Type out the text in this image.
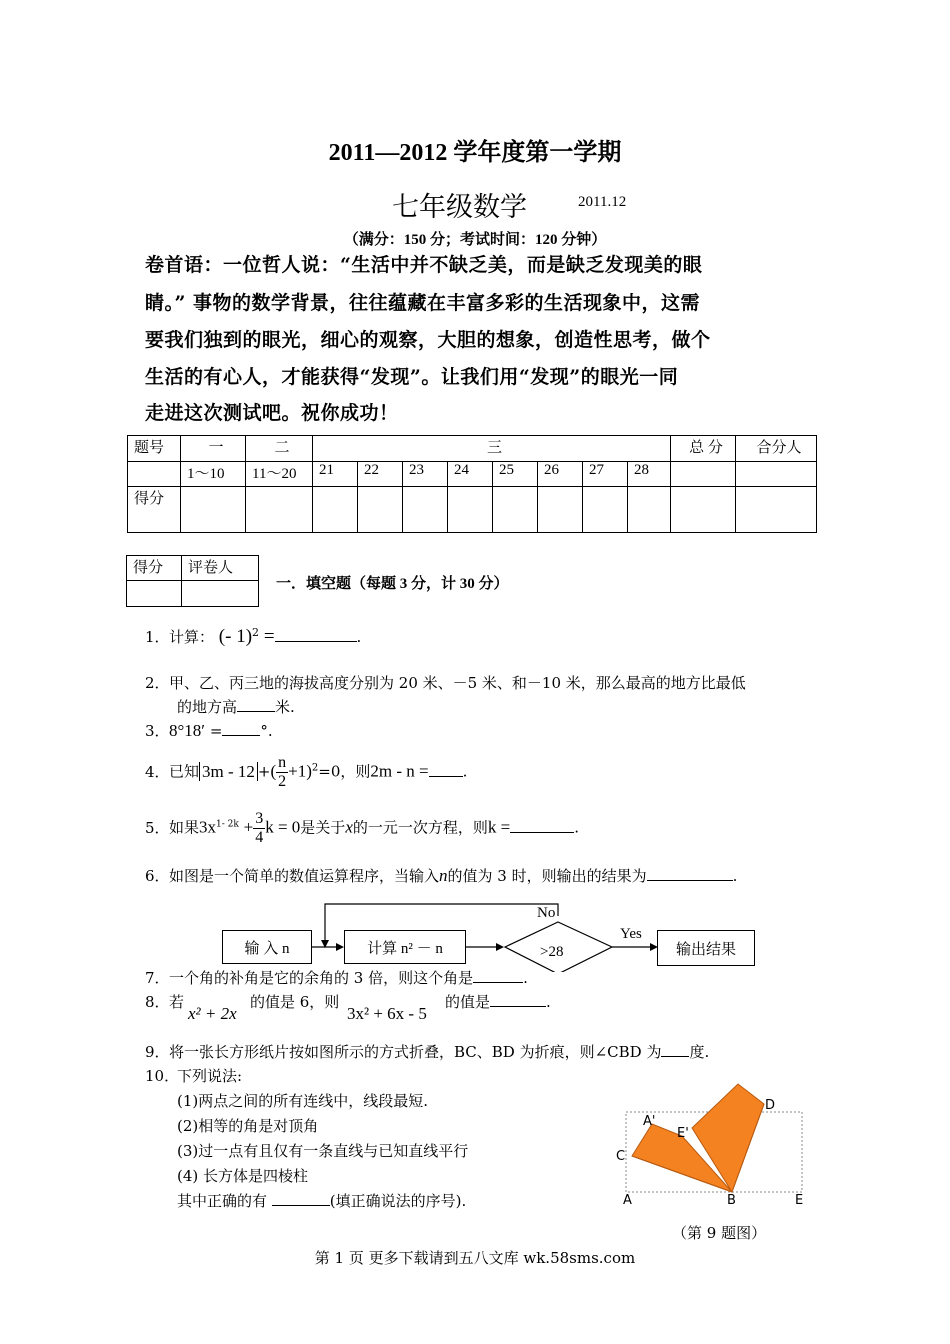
2011—2012 学年度第一学期
七年级数学	2011.12
（满分：150 分；考试时间：120 分钟）
卷首语：一位哲人说：“生活中并不缺乏美，而是缺乏发现美的眼
睛。” 事物的数学背景，往往蕴藏在丰富多彩的生活现象中，这需
要我们独到的眼光，细心的观察，大胆的想象，创造性思考，做个
生活的有心人，才能获得“发现”。让我们用“发现”的眼光一同
走进这次测试吧。祝你成功！
题号	一	二	三								总 分	合分人
	1～10	11～20	21	22	23	24	25	26	27	28		
得分												
得分	评卷人

一．填空题（每题 3 分，计 30 分）
1．计算： (- 1)$^2$ =	.
2．甲、乙、丙三地的海拔高度分别为 20 米、－5 米、和－10 米，那么最高的地方比最低
的地方高	米.
3．8°18′ =	°.
4．已知 3m - 12 +( $\frac{n}{2} +1)^2=0$，则2m - n = .
5．如果$3x^{1- 2k} + \frac{3}{4}$ k = 0是关于x的一元一次方程，则k =	.
6．如图是一个简单的数值运算程序，当输入n的值为 3 时，则输出的结果为	.
输 入 n	计算 n² － n	>28
No
Yes
输出结果
7．一个角的补角是它的余角的 3 倍，则这个角是	.
8．若
x² + 2x
的值是 6，则
3x² + 6x - 5
的值是	.
9．将一张长方形纸片按如图所示的方式折叠，BC、BD 为折痕，则∠CBD 为 度.
10．下列说法:
(1)两点之间的所有连线中，线段最短.
(2)相等的角是对顶角
(3)过一点有且仅有一条直线与已知直线平行
(4) 长方体是四棱柱
其中正确的有	(填正确说法的序号).
A'
E'
D
C
A	B	E
（第 9 题图）
第 1 页 更多下载请到五八文库 wk.58sms.com
